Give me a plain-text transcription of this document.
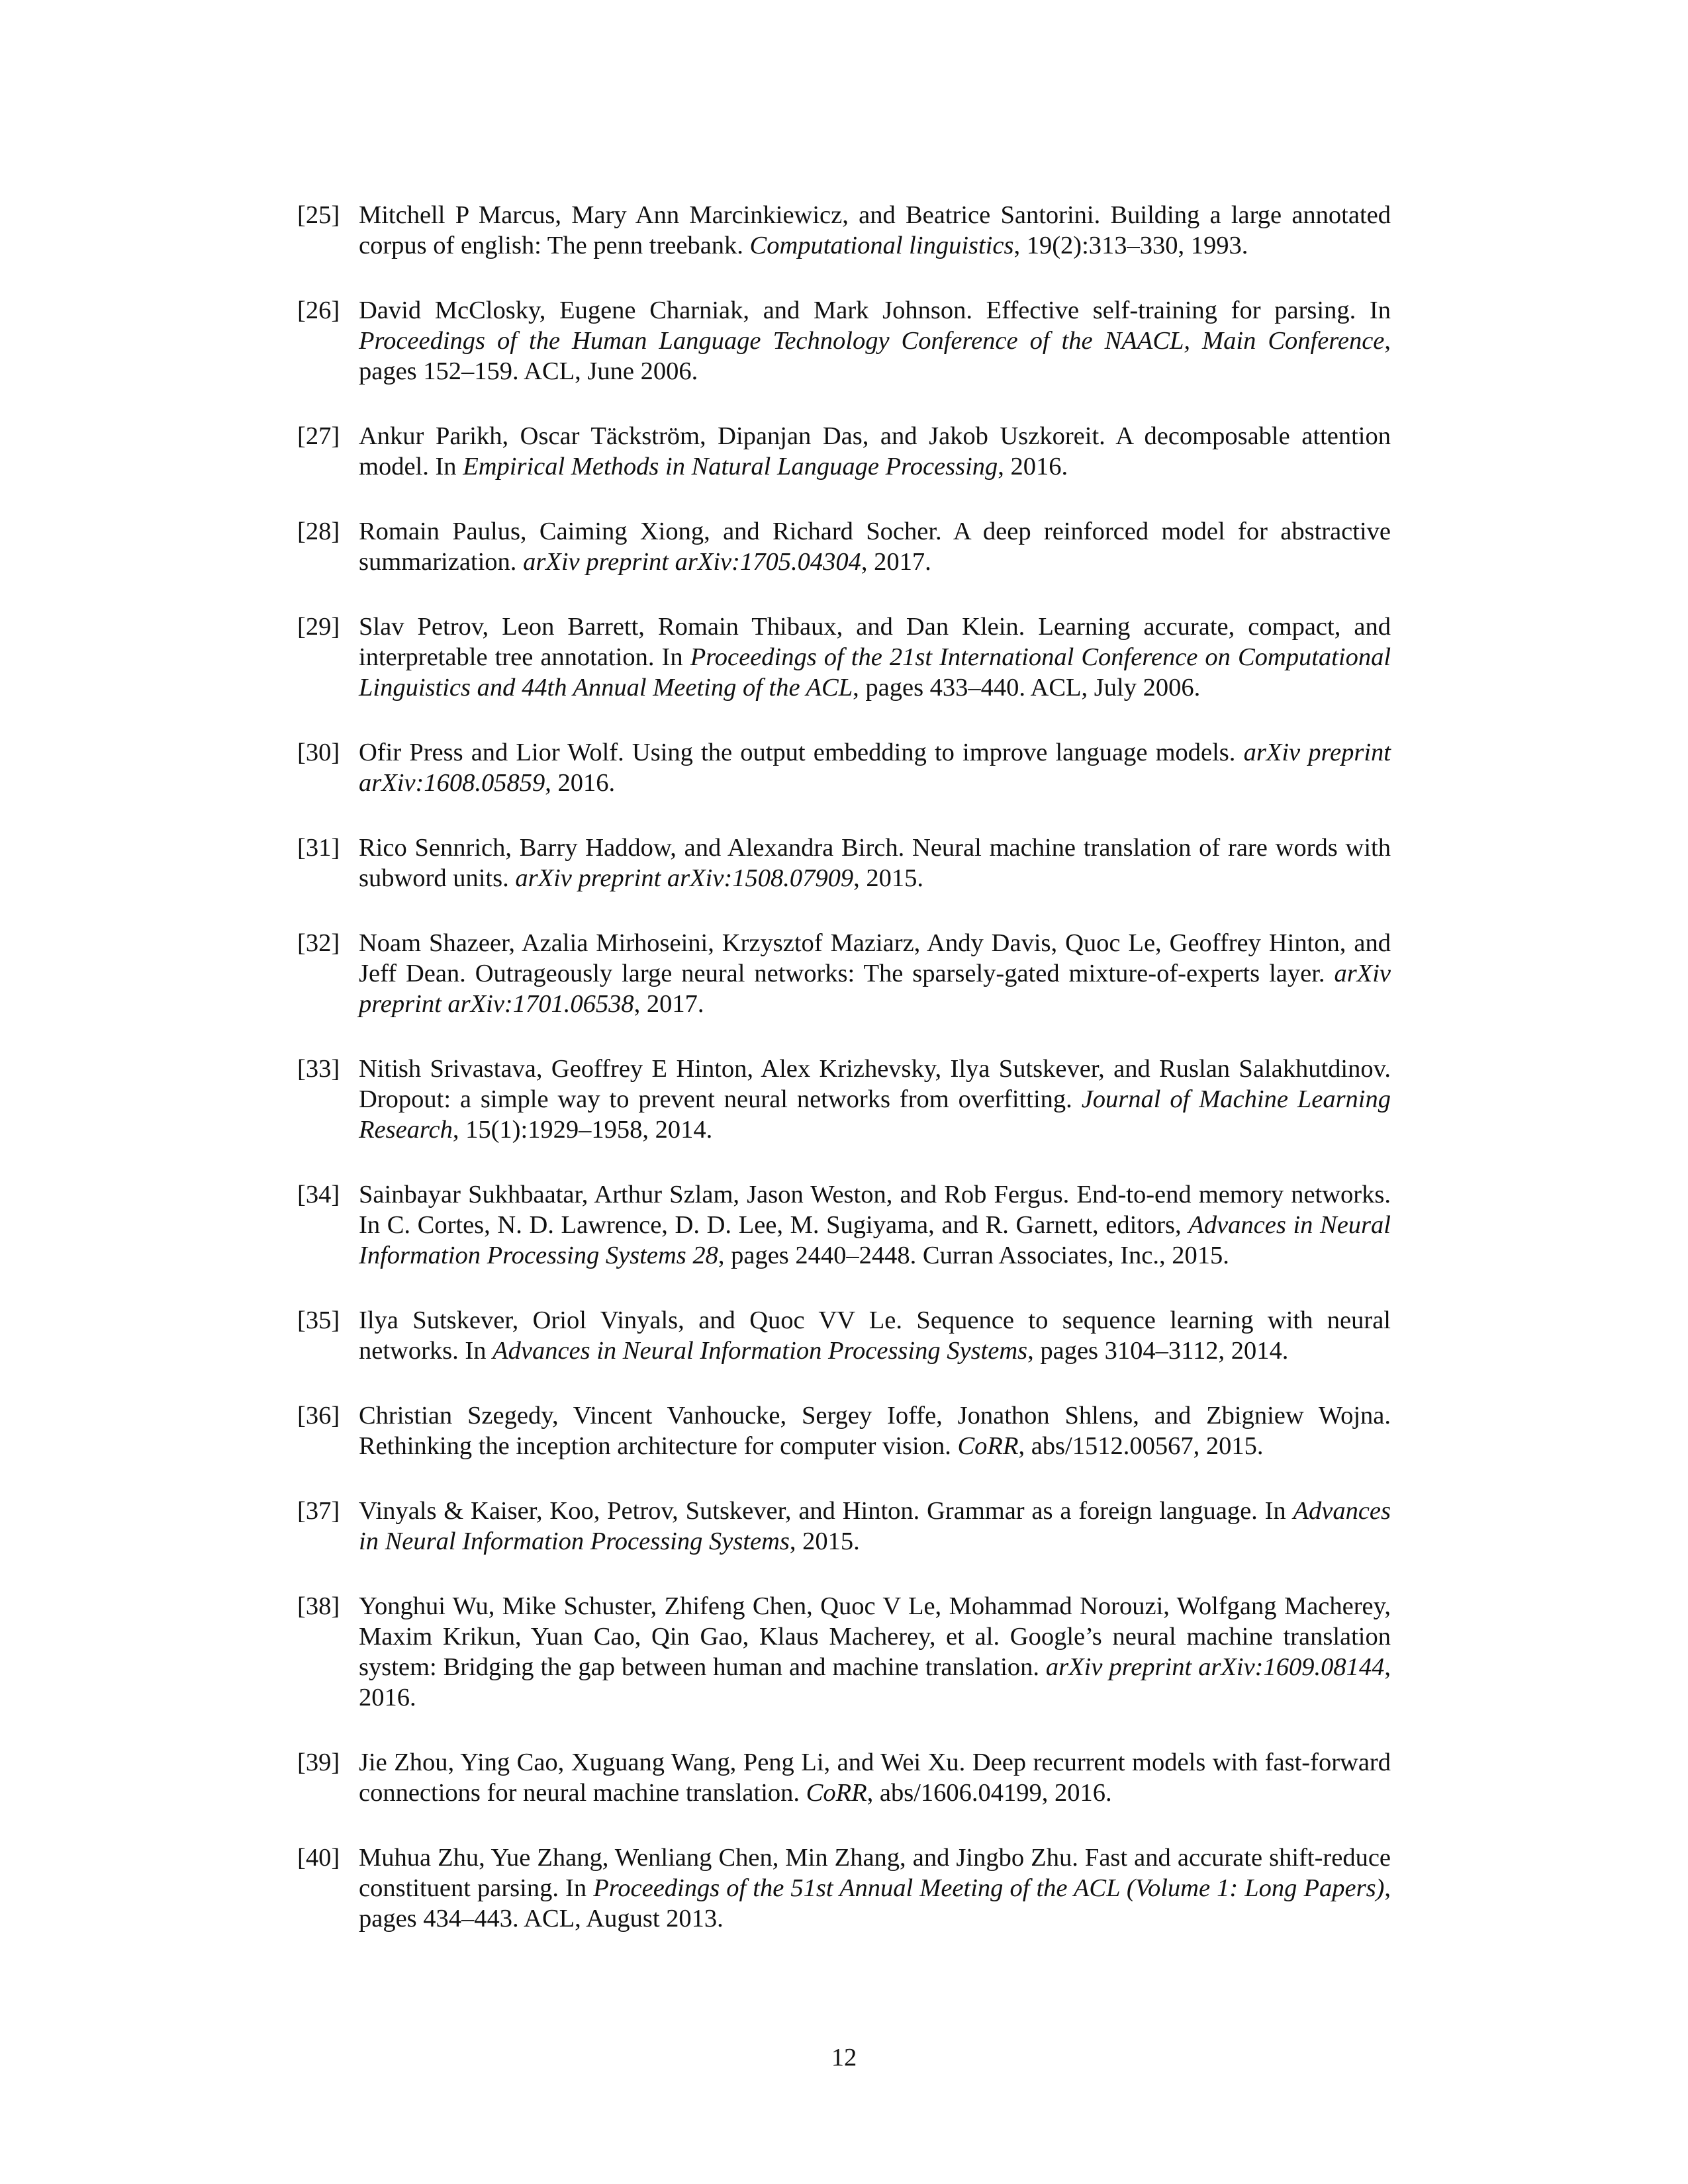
[25] Mitchell P Marcus, Mary Ann Marcinkiewicz, and Beatrice Santorini. Building a large annotated corpus of english: The penn treebank. Computational linguistics, 19(2):313–330, 1993.
[26] David McClosky, Eugene Charniak, and Mark Johnson. Effective self-training for parsing. In Proceedings of the Human Language Technology Conference of the NAACL, Main Conference, pages 152–159. ACL, June 2006.
[27] Ankur Parikh, Oscar Täckström, Dipanjan Das, and Jakob Uszkoreit. A decomposable attention model. In Empirical Methods in Natural Language Processing, 2016.
[28] Romain Paulus, Caiming Xiong, and Richard Socher. A deep reinforced model for abstractive summarization. arXiv preprint arXiv:1705.04304, 2017.
[29] Slav Petrov, Leon Barrett, Romain Thibaux, and Dan Klein. Learning accurate, compact, and interpretable tree annotation. In Proceedings of the 21st International Conference on Computational Linguistics and 44th Annual Meeting of the ACL, pages 433–440. ACL, July 2006.
[30] Ofir Press and Lior Wolf. Using the output embedding to improve language models. arXiv preprint arXiv:1608.05859, 2016.
[31] Rico Sennrich, Barry Haddow, and Alexandra Birch. Neural machine translation of rare words with subword units. arXiv preprint arXiv:1508.07909, 2015.
[32] Noam Shazeer, Azalia Mirhoseini, Krzysztof Maziarz, Andy Davis, Quoc Le, Geoffrey Hinton, and Jeff Dean. Outrageously large neural networks: The sparsely-gated mixture-of-experts layer. arXiv preprint arXiv:1701.06538, 2017.
[33] Nitish Srivastava, Geoffrey E Hinton, Alex Krizhevsky, Ilya Sutskever, and Ruslan Salakhutdinov. Dropout: a simple way to prevent neural networks from overfitting. Journal of Machine Learning Research, 15(1):1929–1958, 2014.
[34] Sainbayar Sukhbaatar, Arthur Szlam, Jason Weston, and Rob Fergus. End-to-end memory networks. In C. Cortes, N. D. Lawrence, D. D. Lee, M. Sugiyama, and R. Garnett, editors, Advances in Neural Information Processing Systems 28, pages 2440–2448. Curran Associates, Inc., 2015.
[35] Ilya Sutskever, Oriol Vinyals, and Quoc VV Le. Sequence to sequence learning with neural networks. In Advances in Neural Information Processing Systems, pages 3104–3112, 2014.
[36] Christian Szegedy, Vincent Vanhoucke, Sergey Ioffe, Jonathon Shlens, and Zbigniew Wojna. Rethinking the inception architecture for computer vision. CoRR, abs/1512.00567, 2015.
[37] Vinyals & Kaiser, Koo, Petrov, Sutskever, and Hinton. Grammar as a foreign language. In Advances in Neural Information Processing Systems, 2015.
[38] Yonghui Wu, Mike Schuster, Zhifeng Chen, Quoc V Le, Mohammad Norouzi, Wolfgang Macherey, Maxim Krikun, Yuan Cao, Qin Gao, Klaus Macherey, et al. Google’s neural machine translation system: Bridging the gap between human and machine translation. arXiv preprint arXiv:1609.08144, 2016.
[39] Jie Zhou, Ying Cao, Xuguang Wang, Peng Li, and Wei Xu. Deep recurrent models with fast-forward connections for neural machine translation. CoRR, abs/1606.04199, 2016.
[40] Muhua Zhu, Yue Zhang, Wenliang Chen, Min Zhang, and Jingbo Zhu. Fast and accurate shift-reduce constituent parsing. In Proceedings of the 51st Annual Meeting of the ACL (Volume 1: Long Papers), pages 434–443. ACL, August 2013.
12
